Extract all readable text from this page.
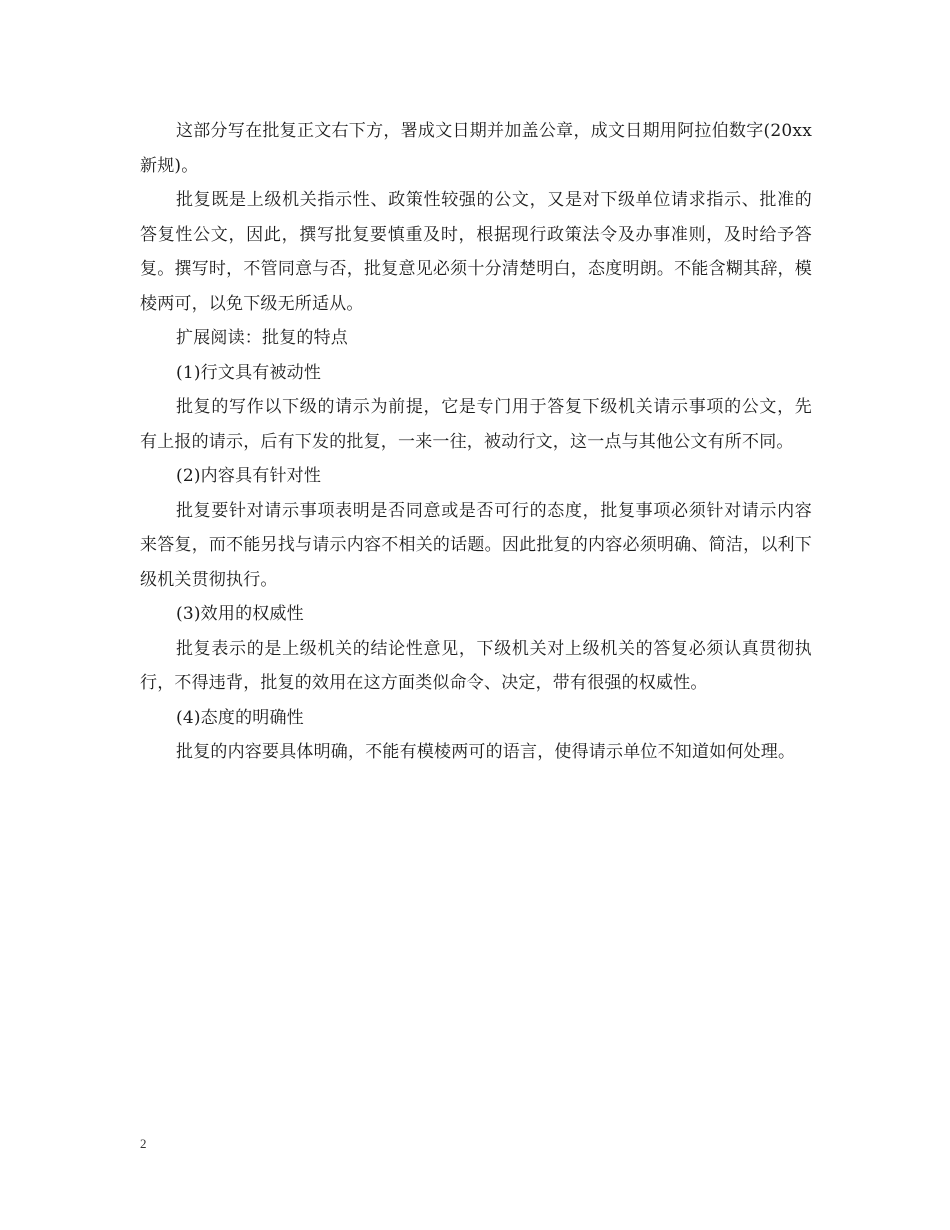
这部分写在批复正文右下方，署成文日期并加盖公章，成文日期用阿拉伯数字(20xx新规)。

批复既是上级机关指示性、政策性较强的公文，又是对下级单位请求指示、批准的答复性公文，因此，撰写批复要慎重及时，根据现行政策法令及办事准则，及时给予答复。撰写时，不管同意与否，批复意见必须十分清楚明白，态度明朗。不能含糊其辞，模棱两可，以免下级无所适从。

扩展阅读：批复的特点

(1)行文具有被动性

批复的写作以下级的请示为前提，它是专门用于答复下级机关请示事项的公文，先有上报的请示，后有下发的批复，一来一往，被动行文，这一点与其他公文有所不同。

(2)内容具有针对性

批复要针对请示事项表明是否同意或是否可行的态度，批复事项必须针对请示内容来答复，而不能另找与请示内容不相关的话题。因此批复的内容必须明确、简洁，以利下级机关贯彻执行。

(3)效用的权威性

批复表示的是上级机关的结论性意见，下级机关对上级机关的答复必须认真贯彻执行，不得违背，批复的效用在这方面类似命令、决定，带有很强的权威性。

(4)态度的明确性

批复的内容要具体明确，不能有模棱两可的语言，使得请示单位不知道如何处理。

2
